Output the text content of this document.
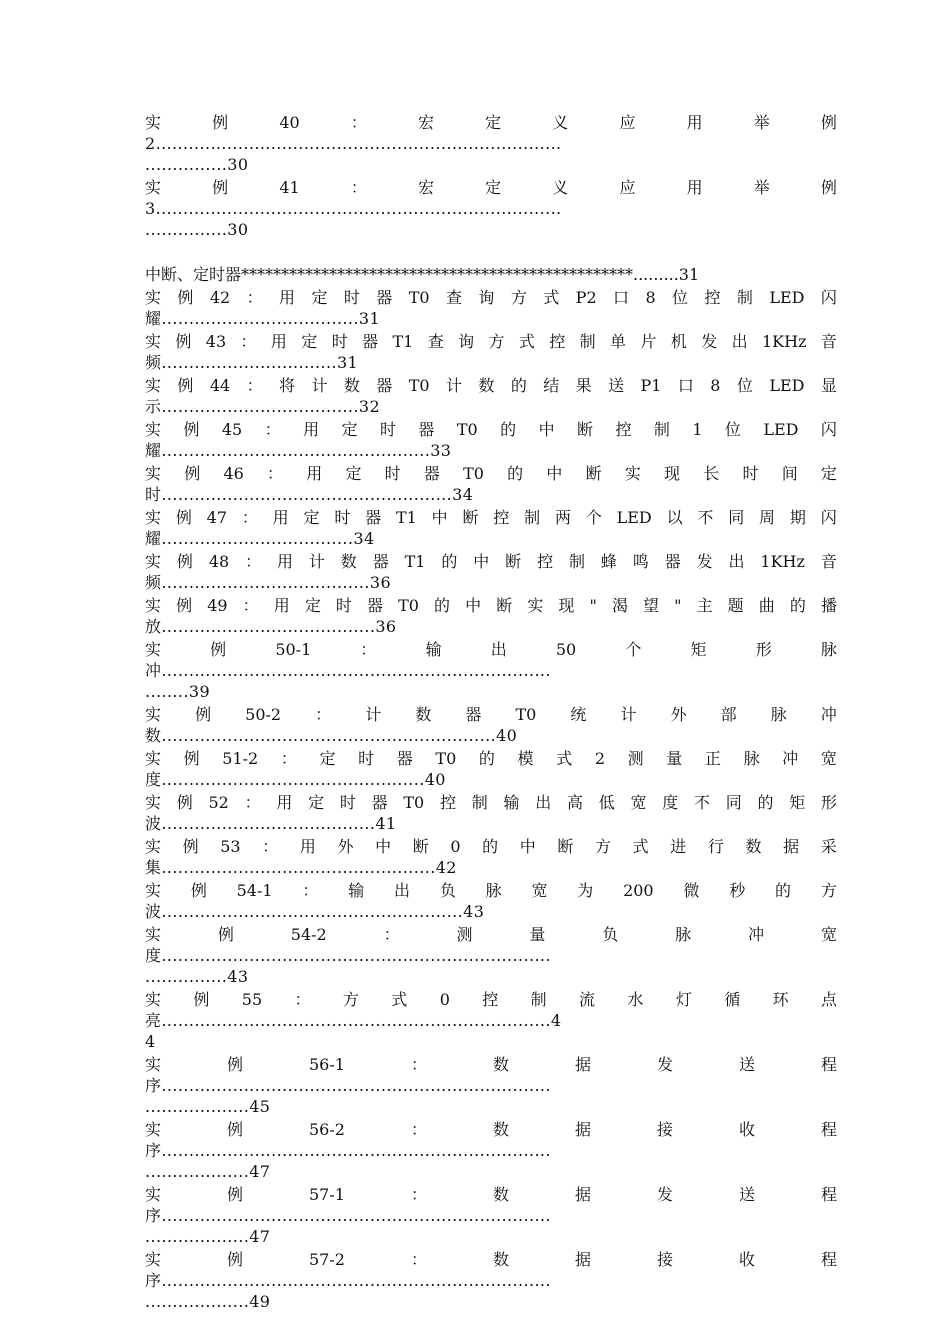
实	例	40	：	宏	定	义	应	用	举	例
2..........................................................................
...............30
实	例	41	：	宏	定	义	应	用	举	例
3..........................................................................
...............30
中断、定时器*************************************************.........31
实 例 42 ： 用 定 时 器 T0 查 询 方 式 P2 口 8 位 控 制 LED 闪
耀....................................31
实 例 43 ： 用 定 时 器 T1 查 询 方 式 控 制 单 片 机 发 出 1KHz 音
频................................31
实 例 44 ： 将 计 数 器 T0 计 数 的 结 果 送 P1 口 8 位 LED 显
示....................................32
实 例 45 ： 用 定 时 器 T0 的 中 断 控 制 1 位 LED 闪
耀.................................................33
实 例 46 ： 用 定 时 器 T0 的 中 断 实 现 长 时 间 定
时.....................................................34
实 例 47 ： 用 定 时 器 T1 中 断 控 制 两 个 LED 以 不 同 周 期 闪
耀...................................34
实 例 48 ： 用 计 数 器 T1 的 中 断 控 制 蜂 鸣 器 发 出 1KHz 音
频......................................36
实 例 49 ： 用 定 时 器 T0 的 中 断 实 现 " 渴 望 " 主 题 曲 的 播
放.......................................36
实	例	50-1	：	输	出	50	个	矩	形	脉
冲.......................................................................
........39
实 例 50-2 ： 计 数 器 T0 统 计 外 部 脉 冲
数.............................................................40
实 例 51-2 ： 定 时 器 T0 的 模 式 2 测 量 正 脉 冲 宽
度................................................40
实 例 52 ： 用 定 时 器 T0 控 制 输 出 高 低 宽 度 不 同 的 矩 形
波.......................................41
实 例 53 ： 用 外 中 断 0 的 中 断 方 式 进 行 数 据 采
集..................................................42
实 例 54-1 ： 输 出 负 脉 宽 为 200 微 秒 的 方
波.......................................................43
实	例	54-2	：	测	量	负	脉	冲	宽
度.......................................................................
...............43
实 例 55 ： 方 式 0 控 制 流 水 灯 循 环 点
亮.......................................................................4
4
实	例	56-1	：	数	据	发	送	程
序.......................................................................
...................45
实	例	56-2	：	数	据	接	收	程
序.......................................................................
...................47
实	例	57-1	：	数	据	发	送	程
序.......................................................................
...................47
实	例	57-2	：	数	据	接	收	程
序.......................................................................
...................49
